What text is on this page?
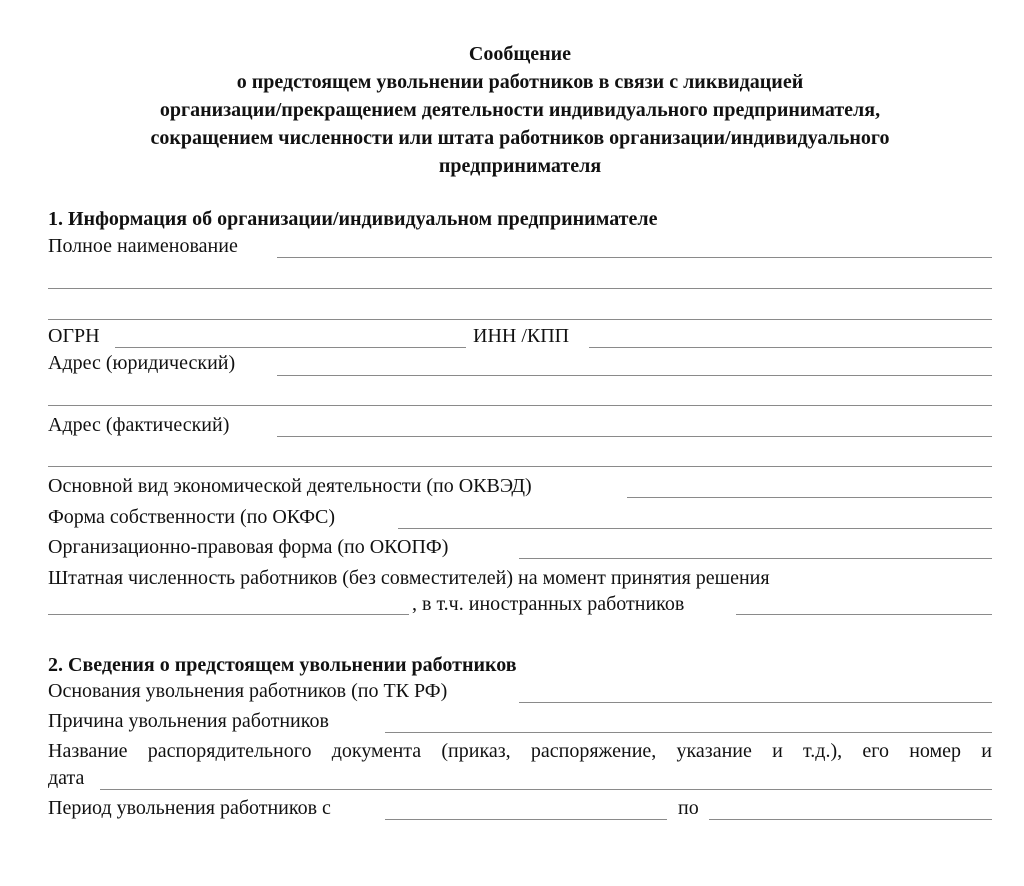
Сообщение
о предстоящем увольнении работников в связи с ликвидацией
организации/прекращением деятельности индивидуального предпринимателя,
сокращением численности или штата работников организации/индивидуального
предпринимателя
1. Информация об организации/индивидуальном предпринимателе
Полное наименование
ОГРН	ИНН /КПП
Адрес (юридический)
Адрес (фактический)
Основной вид экономической деятельности (по ОКВЭД)
Форма собственности (по ОКФС)
Организационно-правовая форма (по ОКОПФ)
Штатная численность работников (без совместителей) на момент принятия решения
, в т.ч. иностранных работников
2. Сведения о предстоящем увольнении работников
Основания увольнения работников (по ТК РФ)
Причина увольнения работников
Название распорядительного документа (приказ, распоряжение, указание и т.д.), его номер и
дата
Период увольнения работников с	по
